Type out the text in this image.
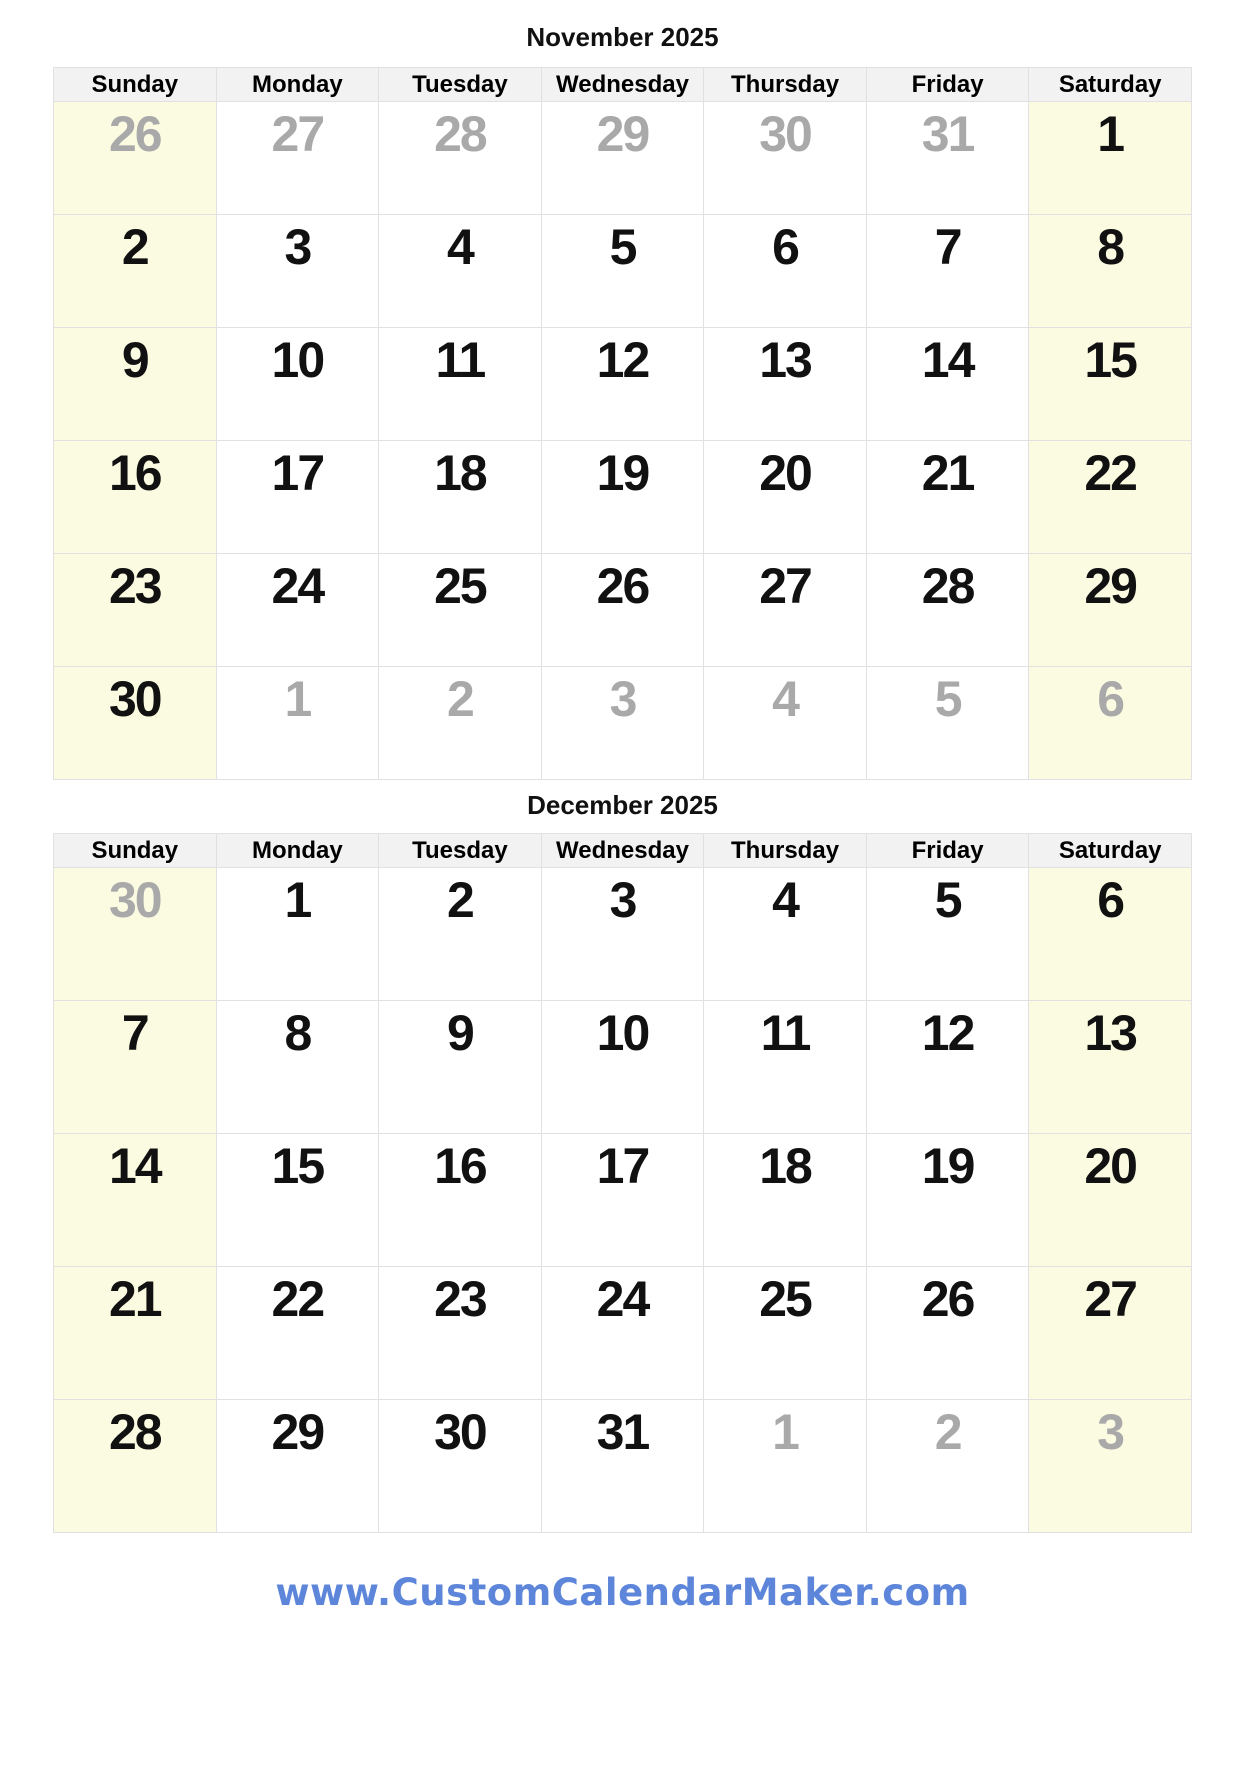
November 2025
Sunday	Monday	Tuesday	Wednesday	Thursday	Friday	Saturday
26	27	28	29	30	31	1
2	3	4	5	6	7	8
9	10	11	12	13	14	15
16	17	18	19	20	21	22
23	24	25	26	27	28	29
30	1	2	3	4	5	6
December 2025
Sunday	Monday	Tuesday	Wednesday	Thursday	Friday	Saturday
30	1	2	3	4	5	6
7	8	9	10	11	12	13
14	15	16	17	18	19	20
21	22	23	24	25	26	27
28	29	30	31	1	2	3
www.CustomCalendarMaker.com
